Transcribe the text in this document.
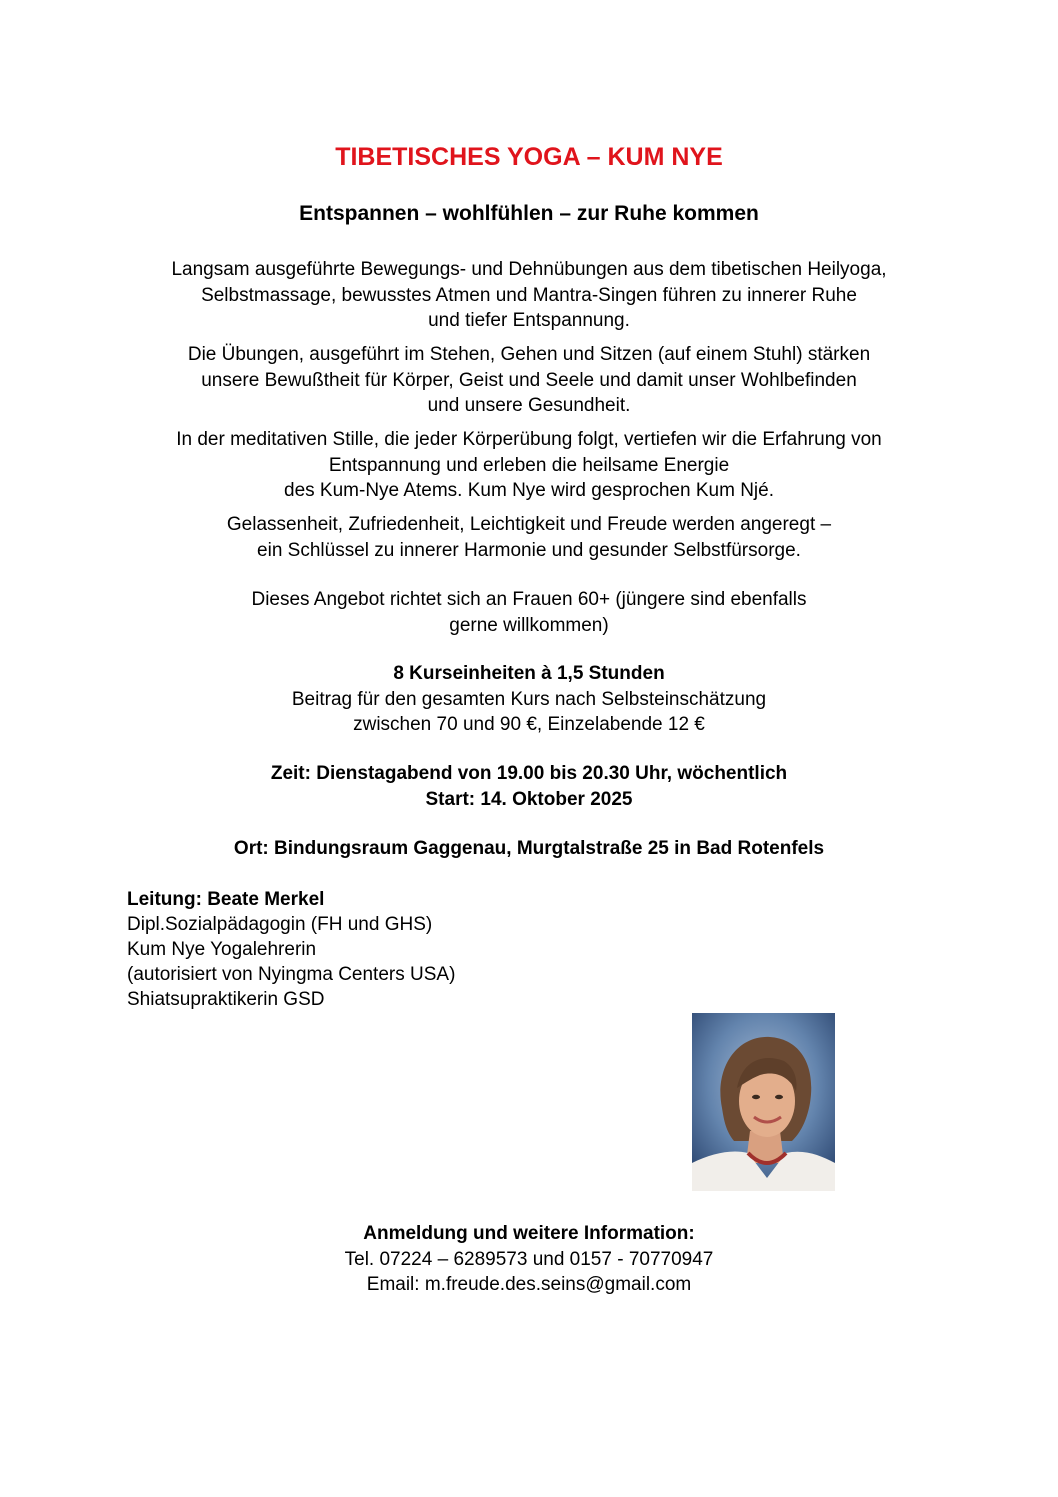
TIBETISCHES YOGA – KUM NYE
Entspannen – wohlfühlen – zur Ruhe kommen
Langsam ausgeführte Bewegungs- und Dehnübungen aus dem tibetischen Heilyoga,
Selbstmassage, bewusstes Atmen und Mantra-Singen führen zu innerer Ruhe
und tiefer Entspannung.
Die Übungen, ausgeführt im Stehen, Gehen und Sitzen (auf einem Stuhl) stärken
unsere Bewußtheit für Körper, Geist und Seele und damit unser Wohlbefinden
und unsere Gesundheit.
In der meditativen Stille, die jeder Körperübung folgt, vertiefen wir die Erfahrung von
Entspannung und erleben die heilsame Energie
des Kum-Nye Atems. Kum Nye wird gesprochen Kum Njé.
Gelassenheit, Zufriedenheit, Leichtigkeit und Freude werden angeregt –
ein Schlüssel zu innerer Harmonie und gesunder Selbstfürsorge.
Dieses Angebot richtet sich an Frauen 60+ (jüngere sind ebenfalls
gerne willkommen)
8 Kurseinheiten à 1,5 Stunden
Beitrag für den gesamten Kurs nach Selbsteinschätzung
zwischen 70 und 90 €, Einzelabende 12 €
Zeit: Dienstagabend von 19.00 bis 20.30 Uhr, wöchentlich
Start: 14. Oktober 2025
Ort: Bindungsraum Gaggenau, Murgtalstraße 25 in Bad Rotenfels
Leitung: Beate Merkel
Dipl.Sozialpädagogin (FH und GHS)
Kum Nye Yogalehrerin
(autorisiert von Nyingma Centers USA)
Shiatsupraktikerin GSD
Anmeldung und weitere Information:
Tel. 07224 – 6289573 und 0157 - 70770947
Email: m.freude.des.seins@gmail.com
